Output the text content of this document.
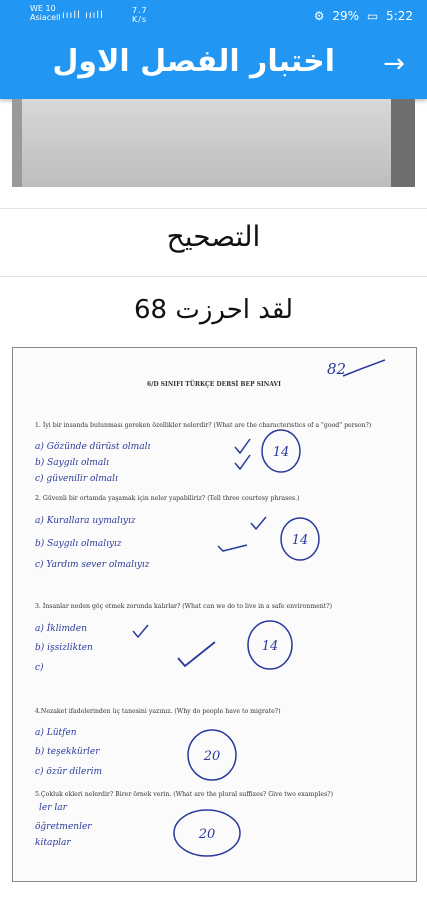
WE 10 Asiacell ıııll ıııll	7.7 K/s	⚙ 29% ▭ 5:22
اختبار الفصل الاول →
التصحيح
لقد احرزت 68
82
6/D SINIFI TÜRKÇE DERSİ BEP SINAVI
1. İyi bir insanda bulunması gereken özellikler nelerdir? (What are the characteristics of a "good" person?)
a) Gözünde dürüst olmalı
b) Saygılı olmalı
c) güvenilir olmalı
14
2. Güvenli bir ortamda yaşamak için neler yapabiliriz? (Tell three courtesy phrases.)
a) Kurallara uymalıyız
b) Saygılı olmalıyız
c) Yardım sever olmalıyız
14
3. İnsanlar neden göç etmek zorunda kalırlar? (What can we do to live in a safe environment?)
a) İklimden
b) işsizlikten
c)
14
4.Nezaket ifadelerinden üç tanesini yazınız. (Why do people have to migrate?)
a) Lütfen
b) teşekkürler
c) özür dilerim
20
5.Çokluk ekleri nelerdir? Birer örnek verin. (What are the plural suffixes? Give two examples?)
ler lar
öğretmenler
kitaplar
20
